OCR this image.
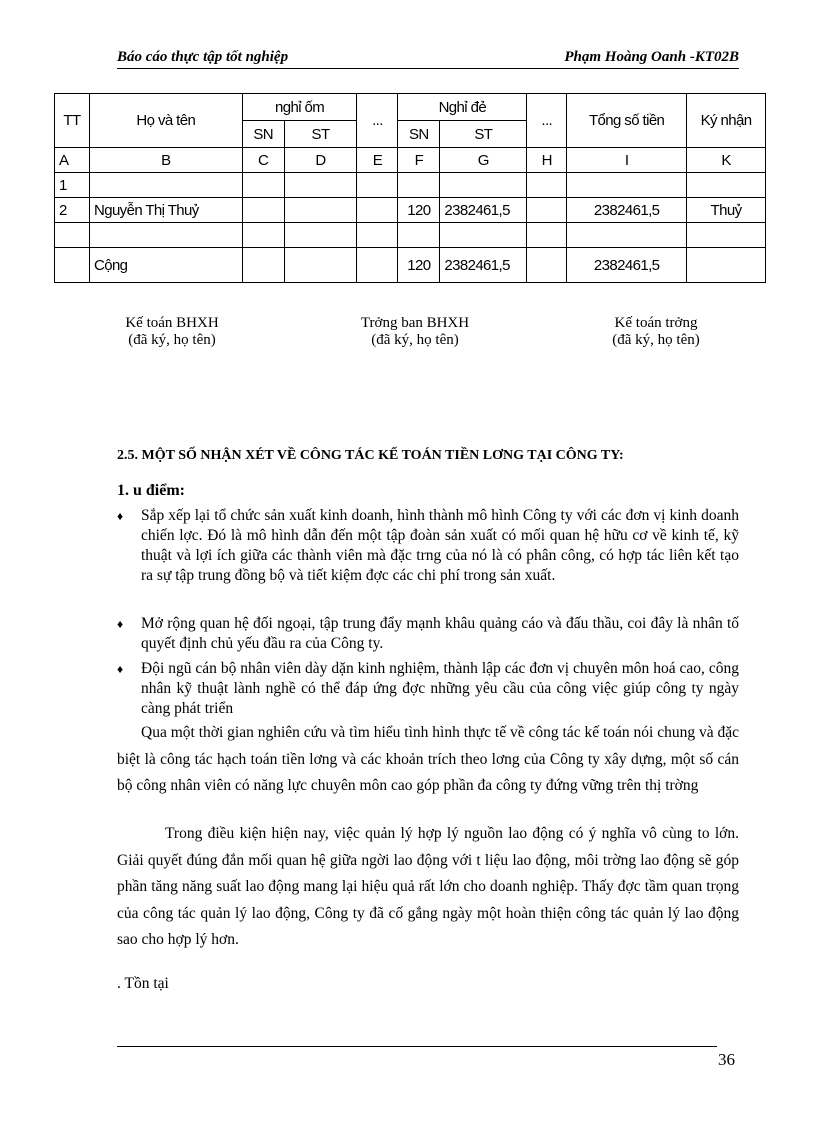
Báo cáo thực tập tốt nghiệp	Phạm Hoàng Oanh -KT02B
TT	Họ và tên	nghỉ ốm		...	Nghỉ đẻ		...	Tổng số tiền	Ký nhận
		SN	ST		SN	ST			
A	B	C	D	E	F	G	H	I	K
1									
2	Nguyễn Thị Thuỷ				120	2382461,5		2382461,5	Thuỷ

	Cộng				120	2382461,5		2382461,5	
Kế toán BHXH
(đã ký, họ tên)
Trởng ban BHXH
(đã ký, họ tên)
Kế toán trởng
(đã ký, họ tên)
2.5. MỘT SỐ NHẬN XÉT VỀ CÔNG TÁC KẾ TOÁN TIỀN LƠNG TẠI CÔNG TY:
1. u điểm:
♦ Sắp xếp lại tổ chức sản xuất kinh doanh, hình thành mô hình Công ty với các đơn vị kinh doanh chiến lợc. Đó là mô hình dẫn đến một tập đoàn sản xuất có mối quan hệ hữu cơ về kinh tế, kỹ thuật và lợi ích giữa các thành viên mà đặc trng của nó là có phân công, có hợp tác liên kết tạo ra sự tập trung đồng bộ và tiết kiệm đợc các chi phí trong sản xuất.
♦ Mở rộng quan hệ đối ngoại, tập trung đẩy mạnh khâu quảng cáo và đấu thầu, coi đây là nhân tố quyết định chủ yếu đầu ra của Công ty.
♦ Đội ngũ cán bộ nhân viên dày dặn kinh nghiệm, thành lập các đơn vị chuyên môn hoá cao, công nhân kỹ thuật lành nghề có thể đáp ứng đợc những yêu cầu của công việc giúp công ty ngày càng phát triển
Qua một thời gian nghiên cứu và tìm hiểu tình hình thực tế về công tác kế toán nói chung và đặc biệt là công tác hạch toán tiền lơng và các khoản trích theo lơng của Công ty xây dựng, một số cán bộ công nhân viên có năng lực chuyên môn cao góp phần đa công ty đứng vững trên thị trờng
Trong điều kiện hiện nay, việc quản lý hợp lý nguồn lao động có ý nghĩa vô cùng to lớn. Giải quyết đúng đắn mối quan hệ giữa ngời lao động với t liệu lao động, môi trờng lao động sẽ góp phần tăng năng suất lao động mang lại hiệu quả rất lớn cho doanh nghiệp. Thấy đợc tầm quan trọng của công tác quản lý lao động, Công ty đã cố gắng ngày một hoàn thiện công tác quản lý lao động sao cho hợp lý hơn.
. Tồn tại
36
